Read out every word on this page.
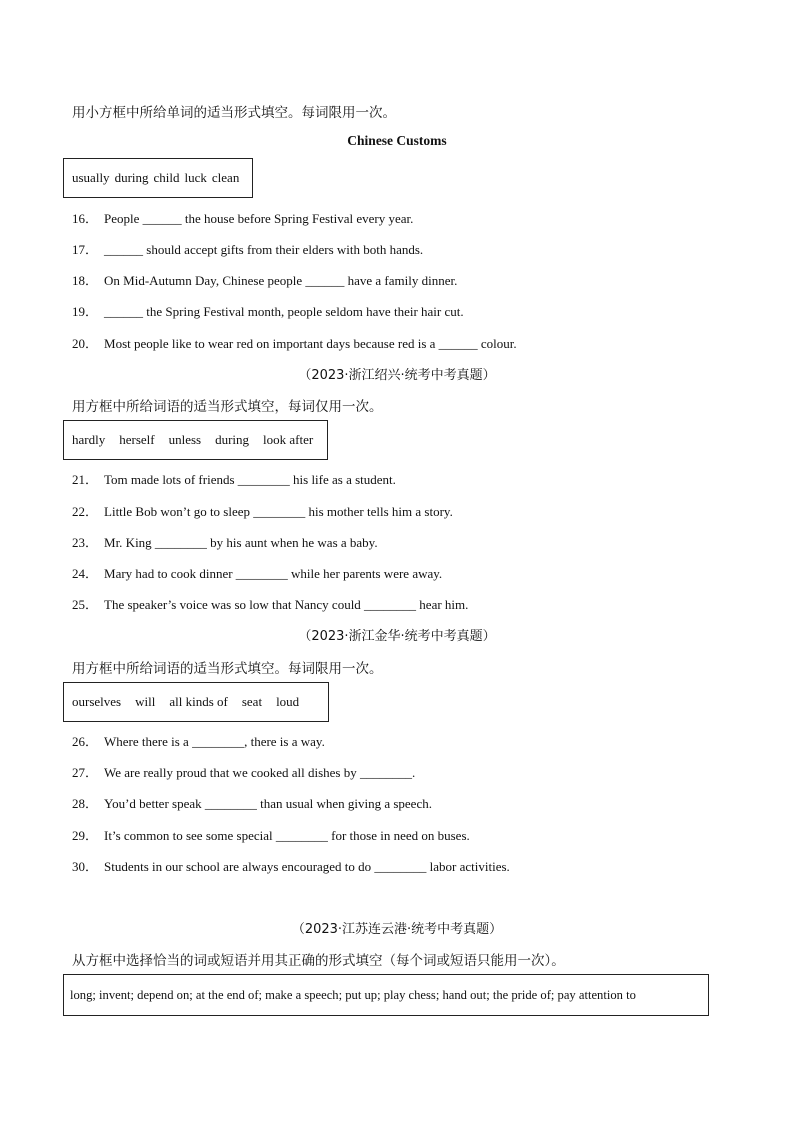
用小方框中所给单词的适当形式填空。每词限用一次。
Chinese Customs
usually during child luck clean
16． People ______ the house before Spring Festival every year.
17． ______ should accept gifts from their elders with both hands.
18． On Mid-Autumn Day, Chinese people ______ have a family dinner.
19． ______ the Spring Festival month, people seldom have their hair cut.
20． Most people like to wear red on important days because red is a ______ colour.
（2023·浙江绍兴·统考中考真题）
用方框中所给词语的适当形式填空，每词仅用一次。
hardly herself unless during look after
21． Tom made lots of friends ________ his life as a student.
22． Little Bob won’t go to sleep ________ his mother tells him a story.
23． Mr. King ________ by his aunt when he was a baby.
24． Mary had to cook dinner ________ while her parents were away.
25． The speaker’s voice was so low that Nancy could ________ hear him.
（2023·浙江金华·统考中考真题）
用方框中所给词语的适当形式填空。每词限用一次。
ourselves will all kinds of seat loud
26． Where there is a ________, there is a way.
27． We are really proud that we cooked all dishes by ________.
28． You’d better speak ________ than usual when giving a speech.
29． It’s common to see some special ________ for those in need on buses.
30． Students in our school are always encouraged to do ________ labor activities.
（2023·江苏连云港·统考中考真题）
从方框中选择恰当的词或短语并用其正确的形式填空（每个词或短语只能用一次）。
long; invent; depend on; at the end of; make a speech; put up; play chess; hand out; the pride of; pay attention to
